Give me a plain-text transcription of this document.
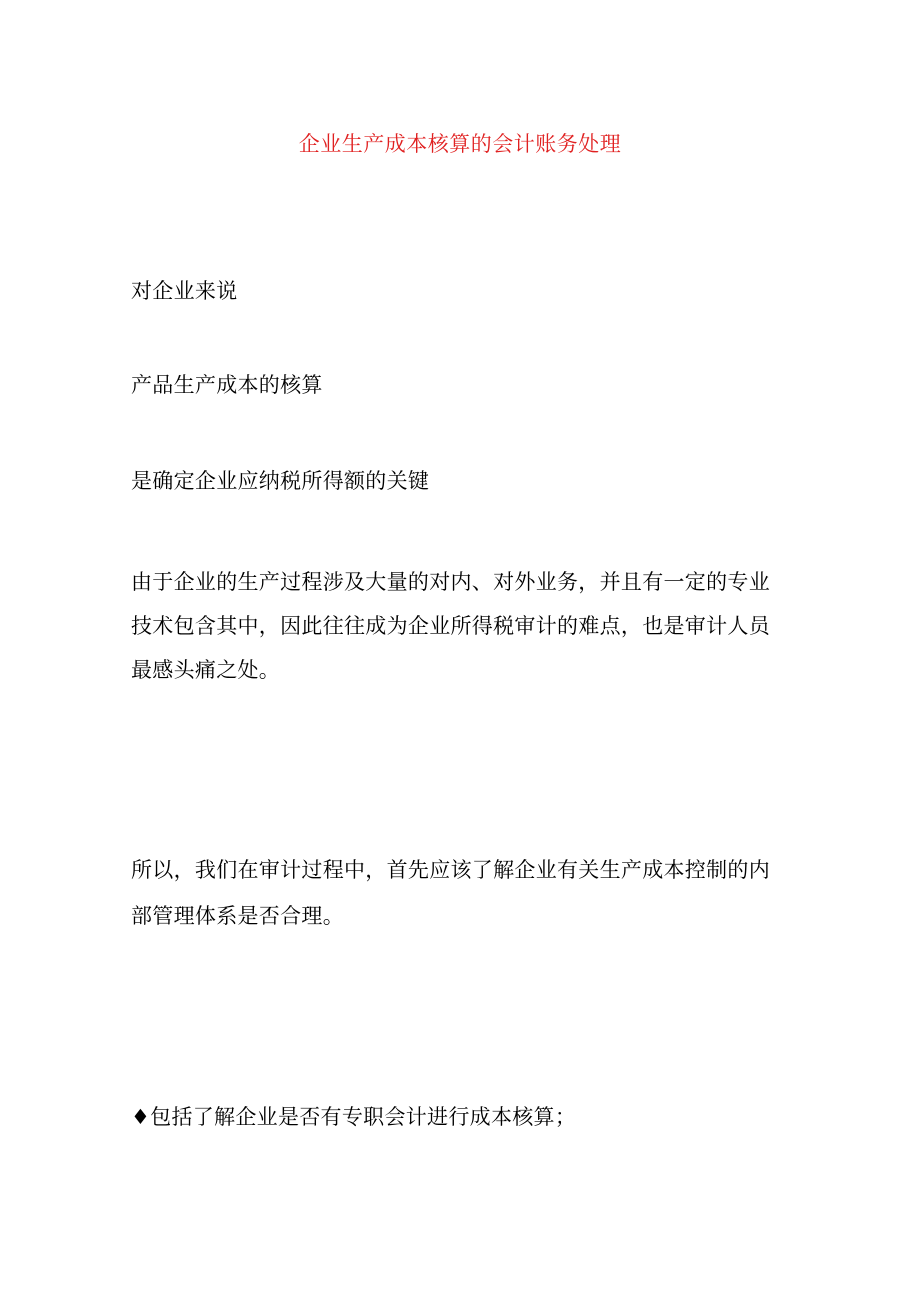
企业生产成本核算的会计账务处理
对企业来说
产品生产成本的核算
是确定企业应纳税所得额的关键
由于企业的生产过程涉及大量的对内、对外业务，并且有一定的专业技术包含其中，因此往往成为企业所得税审计的难点，也是审计人员最感头痛之处。
所以，我们在审计过程中，首先应该了解企业有关生产成本控制的内部管理体系是否合理。
♦包括了解企业是否有专职会计进行成本核算；
